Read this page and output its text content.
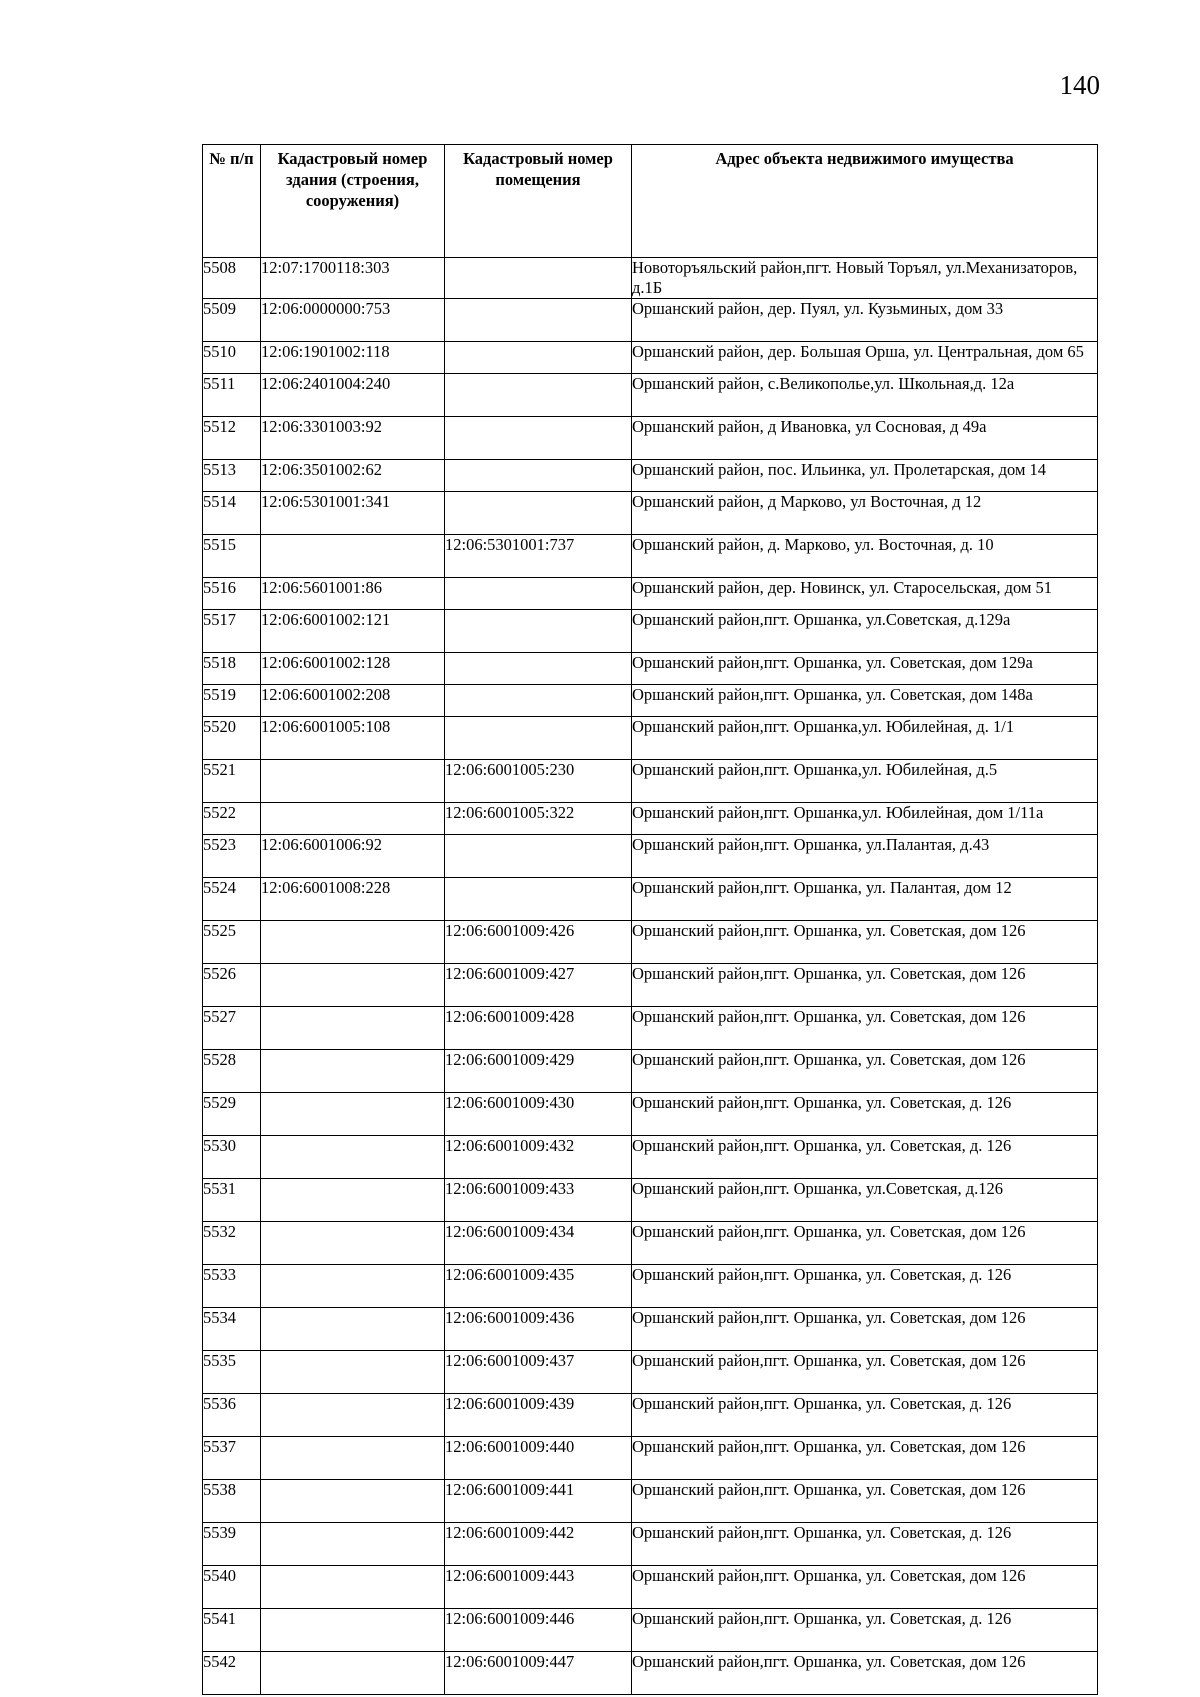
140
№ п/п	Кадастровый номер здания (строения, сооружения)	Кадастровый номер помещения	Адрес объекта недвижимого имущества
5508	12:07:1700118:303		Новоторъяльский район,пгт. Новый Торъял, ул.Механизаторов, д.1Б
5509	12:06:0000000:753		Оршанский район, дер. Пуял, ул. Кузьминых, дом 33
5510	12:06:1901002:118		Оршанский район, дер. Большая Орша, ул. Центральная, дом 65
5511	12:06:2401004:240		Оршанский район, с.Великополье,ул. Школьная,д. 12а
5512	12:06:3301003:92		Оршанский район, д Ивановка, ул Сосновая, д 49а
5513	12:06:3501002:62		Оршанский район, пос. Ильинка, ул. Пролетарская, дом 14
5514	12:06:5301001:341		Оршанский район, д Марково, ул Восточная, д 12
5515		12:06:5301001:737	Оршанский район, д. Марково, ул. Восточная, д. 10
5516	12:06:5601001:86		Оршанский район, дер. Новинск, ул. Старосельская, дом 51
5517	12:06:6001002:121		Оршанский район,пгт. Оршанка, ул.Советская, д.129а
5518	12:06:6001002:128		Оршанский район,пгт. Оршанка, ул. Советская, дом 129а
5519	12:06:6001002:208		Оршанский район,пгт. Оршанка, ул. Советская, дом 148а
5520	12:06:6001005:108		Оршанский район,пгт. Оршанка,ул. Юбилейная, д. 1/1
5521		12:06:6001005:230	Оршанский район,пгт. Оршанка,ул. Юбилейная, д.5
5522		12:06:6001005:322	Оршанский район,пгт. Оршанка,ул. Юбилейная, дом 1/11а
5523	12:06:6001006:92		Оршанский район,пгт. Оршанка, ул.Палантая, д.43
5524	12:06:6001008:228		Оршанский район,пгт. Оршанка, ул. Палантая, дом 12
5525		12:06:6001009:426	Оршанский район,пгт. Оршанка, ул. Советская, дом 126
5526		12:06:6001009:427	Оршанский район,пгт. Оршанка, ул. Советская, дом 126
5527		12:06:6001009:428	Оршанский район,пгт. Оршанка, ул. Советская, дом 126
5528		12:06:6001009:429	Оршанский район,пгт. Оршанка, ул. Советская, дом 126
5529		12:06:6001009:430	Оршанский район,пгт. Оршанка, ул. Советская, д. 126
5530		12:06:6001009:432	Оршанский район,пгт. Оршанка, ул. Советская, д. 126
5531		12:06:6001009:433	Оршанский район,пгт. Оршанка, ул.Советская, д.126
5532		12:06:6001009:434	Оршанский район,пгт. Оршанка, ул. Советская, дом 126
5533		12:06:6001009:435	Оршанский район,пгт. Оршанка, ул. Советская, д. 126
5534		12:06:6001009:436	Оршанский район,пгт. Оршанка, ул. Советская, дом 126
5535		12:06:6001009:437	Оршанский район,пгт. Оршанка, ул. Советская, дом 126
5536		12:06:6001009:439	Оршанский район,пгт. Оршанка, ул. Советская, д. 126
5537		12:06:6001009:440	Оршанский район,пгт. Оршанка, ул. Советская, дом 126
5538		12:06:6001009:441	Оршанский район,пгт. Оршанка, ул. Советская, дом 126
5539		12:06:6001009:442	Оршанский район,пгт. Оршанка, ул. Советская, д. 126
5540		12:06:6001009:443	Оршанский район,пгт. Оршанка, ул. Советская, дом 126
5541		12:06:6001009:446	Оршанский район,пгт. Оршанка, ул. Советская, д. 126
5542		12:06:6001009:447	Оршанский район,пгт. Оршанка, ул. Советская, дом 126
